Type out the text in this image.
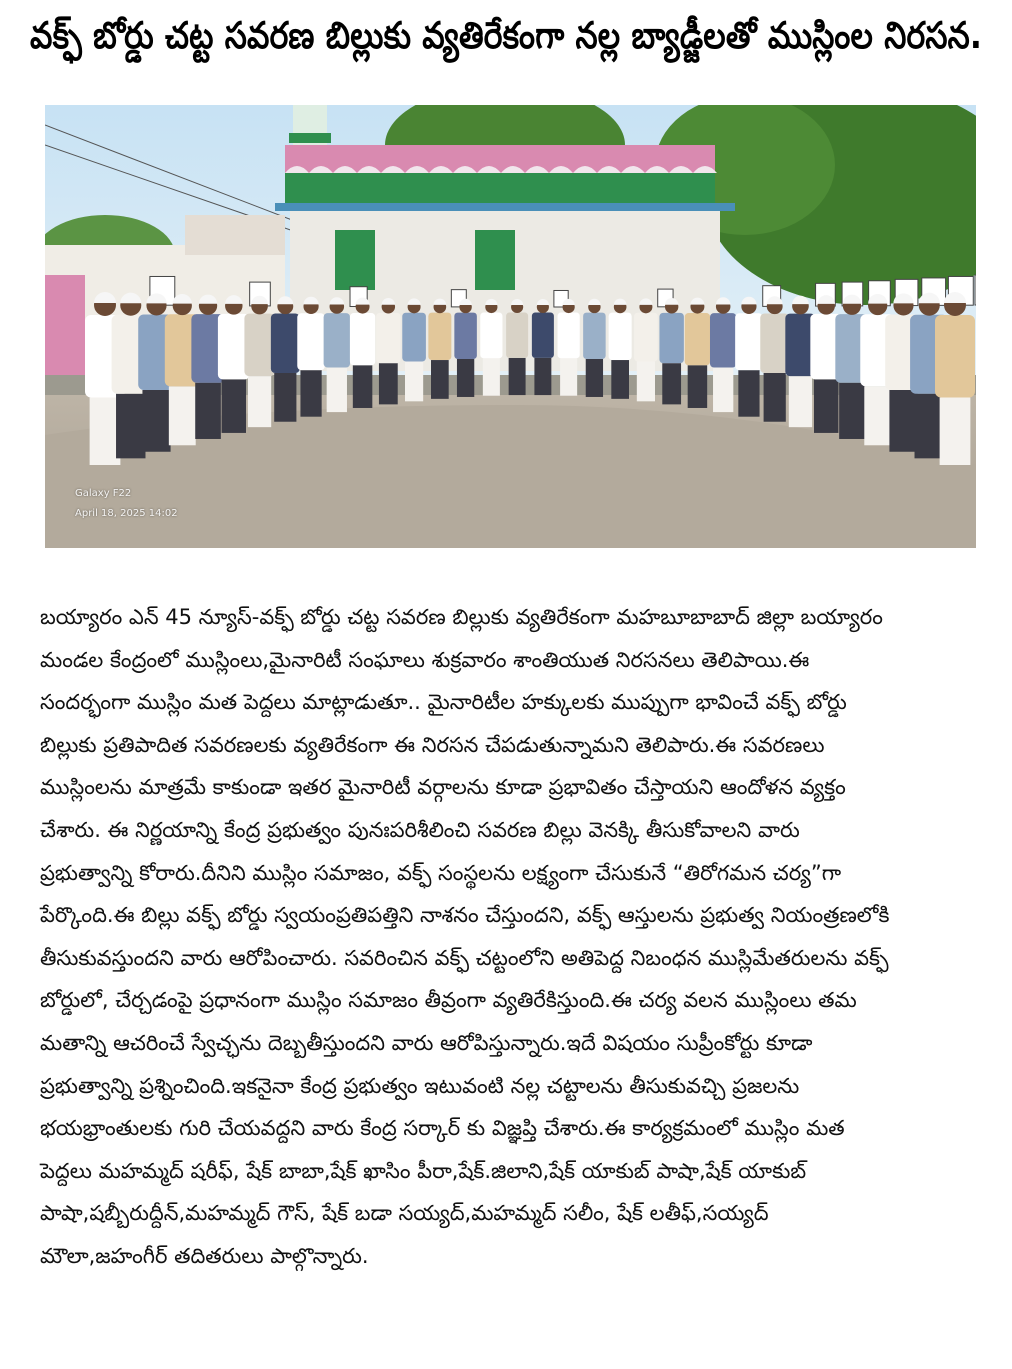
వక్ఫ్ బోర్డు చట్ట సవరణ బిల్లుకు వ్యతిరేకంగా నల్ల బ్యాడ్జీలతో ముస్లింల నిరసన.
Galaxy F22
April 18, 2025 14:02
బయ్యారం ఎన్ 45 న్యూస్-వక్ఫ్ బోర్డు చట్ట సవరణ బిల్లుకు వ్యతిరేకంగా మహబూబాబాద్ జిల్లా బయ్యారం
మండల కేంద్రంలో ముస్లింలు,మైనారిటీ సంఘాలు శుక్రవారం శాంతియుత నిరసనలు తెలిపాయి.ఈ
సందర్భంగా ముస్లిం మత పెద్దలు మాట్లాడుతూ.. మైనారిటీల హక్కులకు ముప్పుగా భావించే వక్ఫ్ బోర్డు
బిల్లుకు ప్రతిపాదిత సవరణలకు వ్యతిరేకంగా ఈ నిరసన చేపడుతున్నామని తెలిపారు.ఈ సవరణలు
ముస్లింలను మాత్రమే కాకుండా ఇతర మైనారిటీ వర్గాలను కూడా ప్రభావితం చేస్తాయని ఆందోళన వ్యక్తం
చేశారు. ఈ నిర్ణయాన్ని కేంద్ర ప్రభుత్వం పునఃపరిశీలించి సవరణ బిల్లు వెనక్కి తీసుకోవాలని వారు
ప్రభుత్వాన్ని కోరారు.దీనిని ముస్లిం సమాజం, వక్ఫ్ సంస్థలను లక్ష్యంగా చేసుకునే “తిరోగమన చర్య”గా
పేర్కొంది.ఈ బిల్లు వక్ఫ్ బోర్డు స్వయంప్రతిపత్తిని నాశనం చేస్తుందని, వక్ఫ్ ఆస్తులను ప్రభుత్వ నియంత్రణలోకి
తీసుకువస్తుందని వారు ఆరోపించారు. సవరించిన వక్ఫ్ చట్టంలోని అతిపెద్ద నిబంధన ముస్లిమేతరులను వక్ఫ్
బోర్డులో, చేర్చడంపై ప్రధానంగా ముస్లిం సమాజం తీవ్రంగా వ్యతిరేకిస్తుంది.ఈ చర్య వలన ముస్లింలు తమ
మతాన్ని ఆచరించే స్వేచ్ఛను దెబ్బతీస్తుందని వారు ఆరోపిస్తున్నారు.ఇదే విషయం సుప్రీంకోర్టు కూడా
ప్రభుత్వాన్ని ప్రశ్నించింది.ఇకనైనా కేంద్ర ప్రభుత్వం ఇటువంటి నల్ల చట్టాలను తీసుకువచ్చి ప్రజలను
భయభ్రాంతులకు గురి చేయవద్దని వారు కేంద్ర సర్కార్ కు విజ్ఞప్తి చేశారు.ఈ కార్యక్రమంలో ముస్లిం మత
పెద్దలు మహమ్మద్ షరీఫ్, షేక్ బాబా,షేక్ ఖాసిం పీరా,షేక్.జిలాని,షేక్ యాకుబ్ పాషా,షేక్ యాకుబ్
పాషా,షబ్బీరుద్దీన్,మహమ్మద్ గౌస్, షేక్ బడా సయ్యద్,మహమ్మద్ సలీం, షేక్ లతీఫ్,సయ్యద్
మౌలా,జహంగీర్ తదితరులు పాల్గొన్నారు.
